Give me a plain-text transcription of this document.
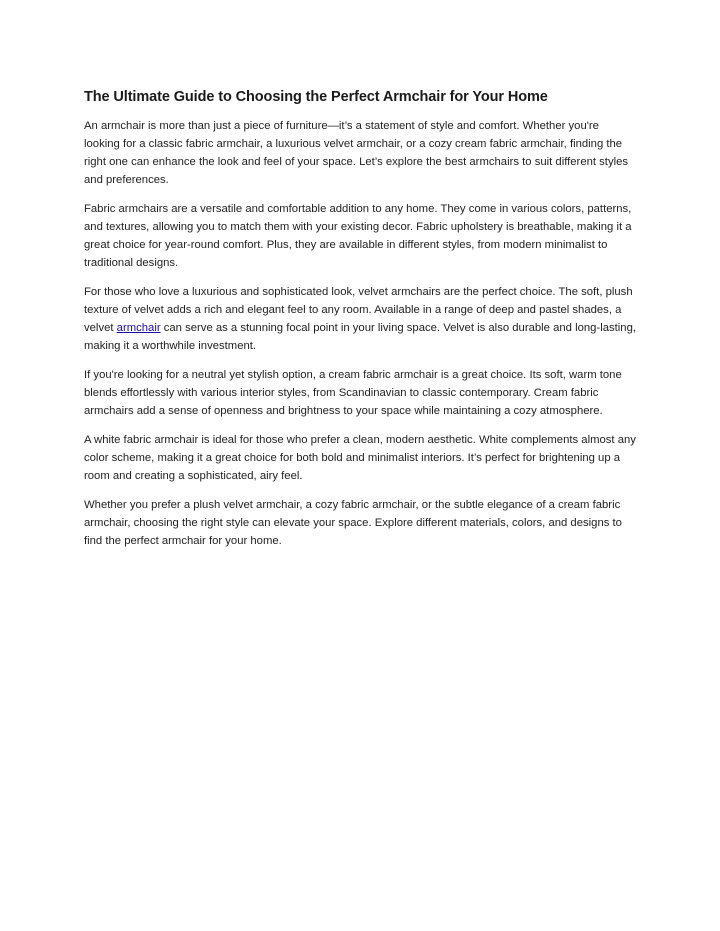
The Ultimate Guide to Choosing the Perfect Armchair for Your Home

An armchair is more than just a piece of furniture—it’s a statement of style and comfort. Whether you're looking for a classic fabric armchair, a luxurious velvet armchair, or a cozy cream fabric armchair, finding the right one can enhance the look and feel of your space. Let’s explore the best armchairs to suit different styles and preferences.

Fabric armchairs are a versatile and comfortable addition to any home. They come in various colors, patterns, and textures, allowing you to match them with your existing decor. Fabric upholstery is breathable, making it a great choice for year-round comfort. Plus, they are available in different styles, from modern minimalist to traditional designs.

For those who love a luxurious and sophisticated look, velvet armchairs are the perfect choice. The soft, plush texture of velvet adds a rich and elegant feel to any room. Available in a range of deep and pastel shades, a velvet armchair can serve as a stunning focal point in your living space. Velvet is also durable and long-lasting, making it a worthwhile investment.

If you're looking for a neutral yet stylish option, a cream fabric armchair is a great choice. Its soft, warm tone blends effortlessly with various interior styles, from Scandinavian to classic contemporary. Cream fabric armchairs add a sense of openness and brightness to your space while maintaining a cozy atmosphere.

A white fabric armchair is ideal for those who prefer a clean, modern aesthetic. White complements almost any color scheme, making it a great choice for both bold and minimalist interiors. It’s perfect for brightening up a room and creating a sophisticated, airy feel.

Whether you prefer a plush velvet armchair, a cozy fabric armchair, or the subtle elegance of a cream fabric armchair, choosing the right style can elevate your space. Explore different materials, colors, and designs to find the perfect armchair for your home.
